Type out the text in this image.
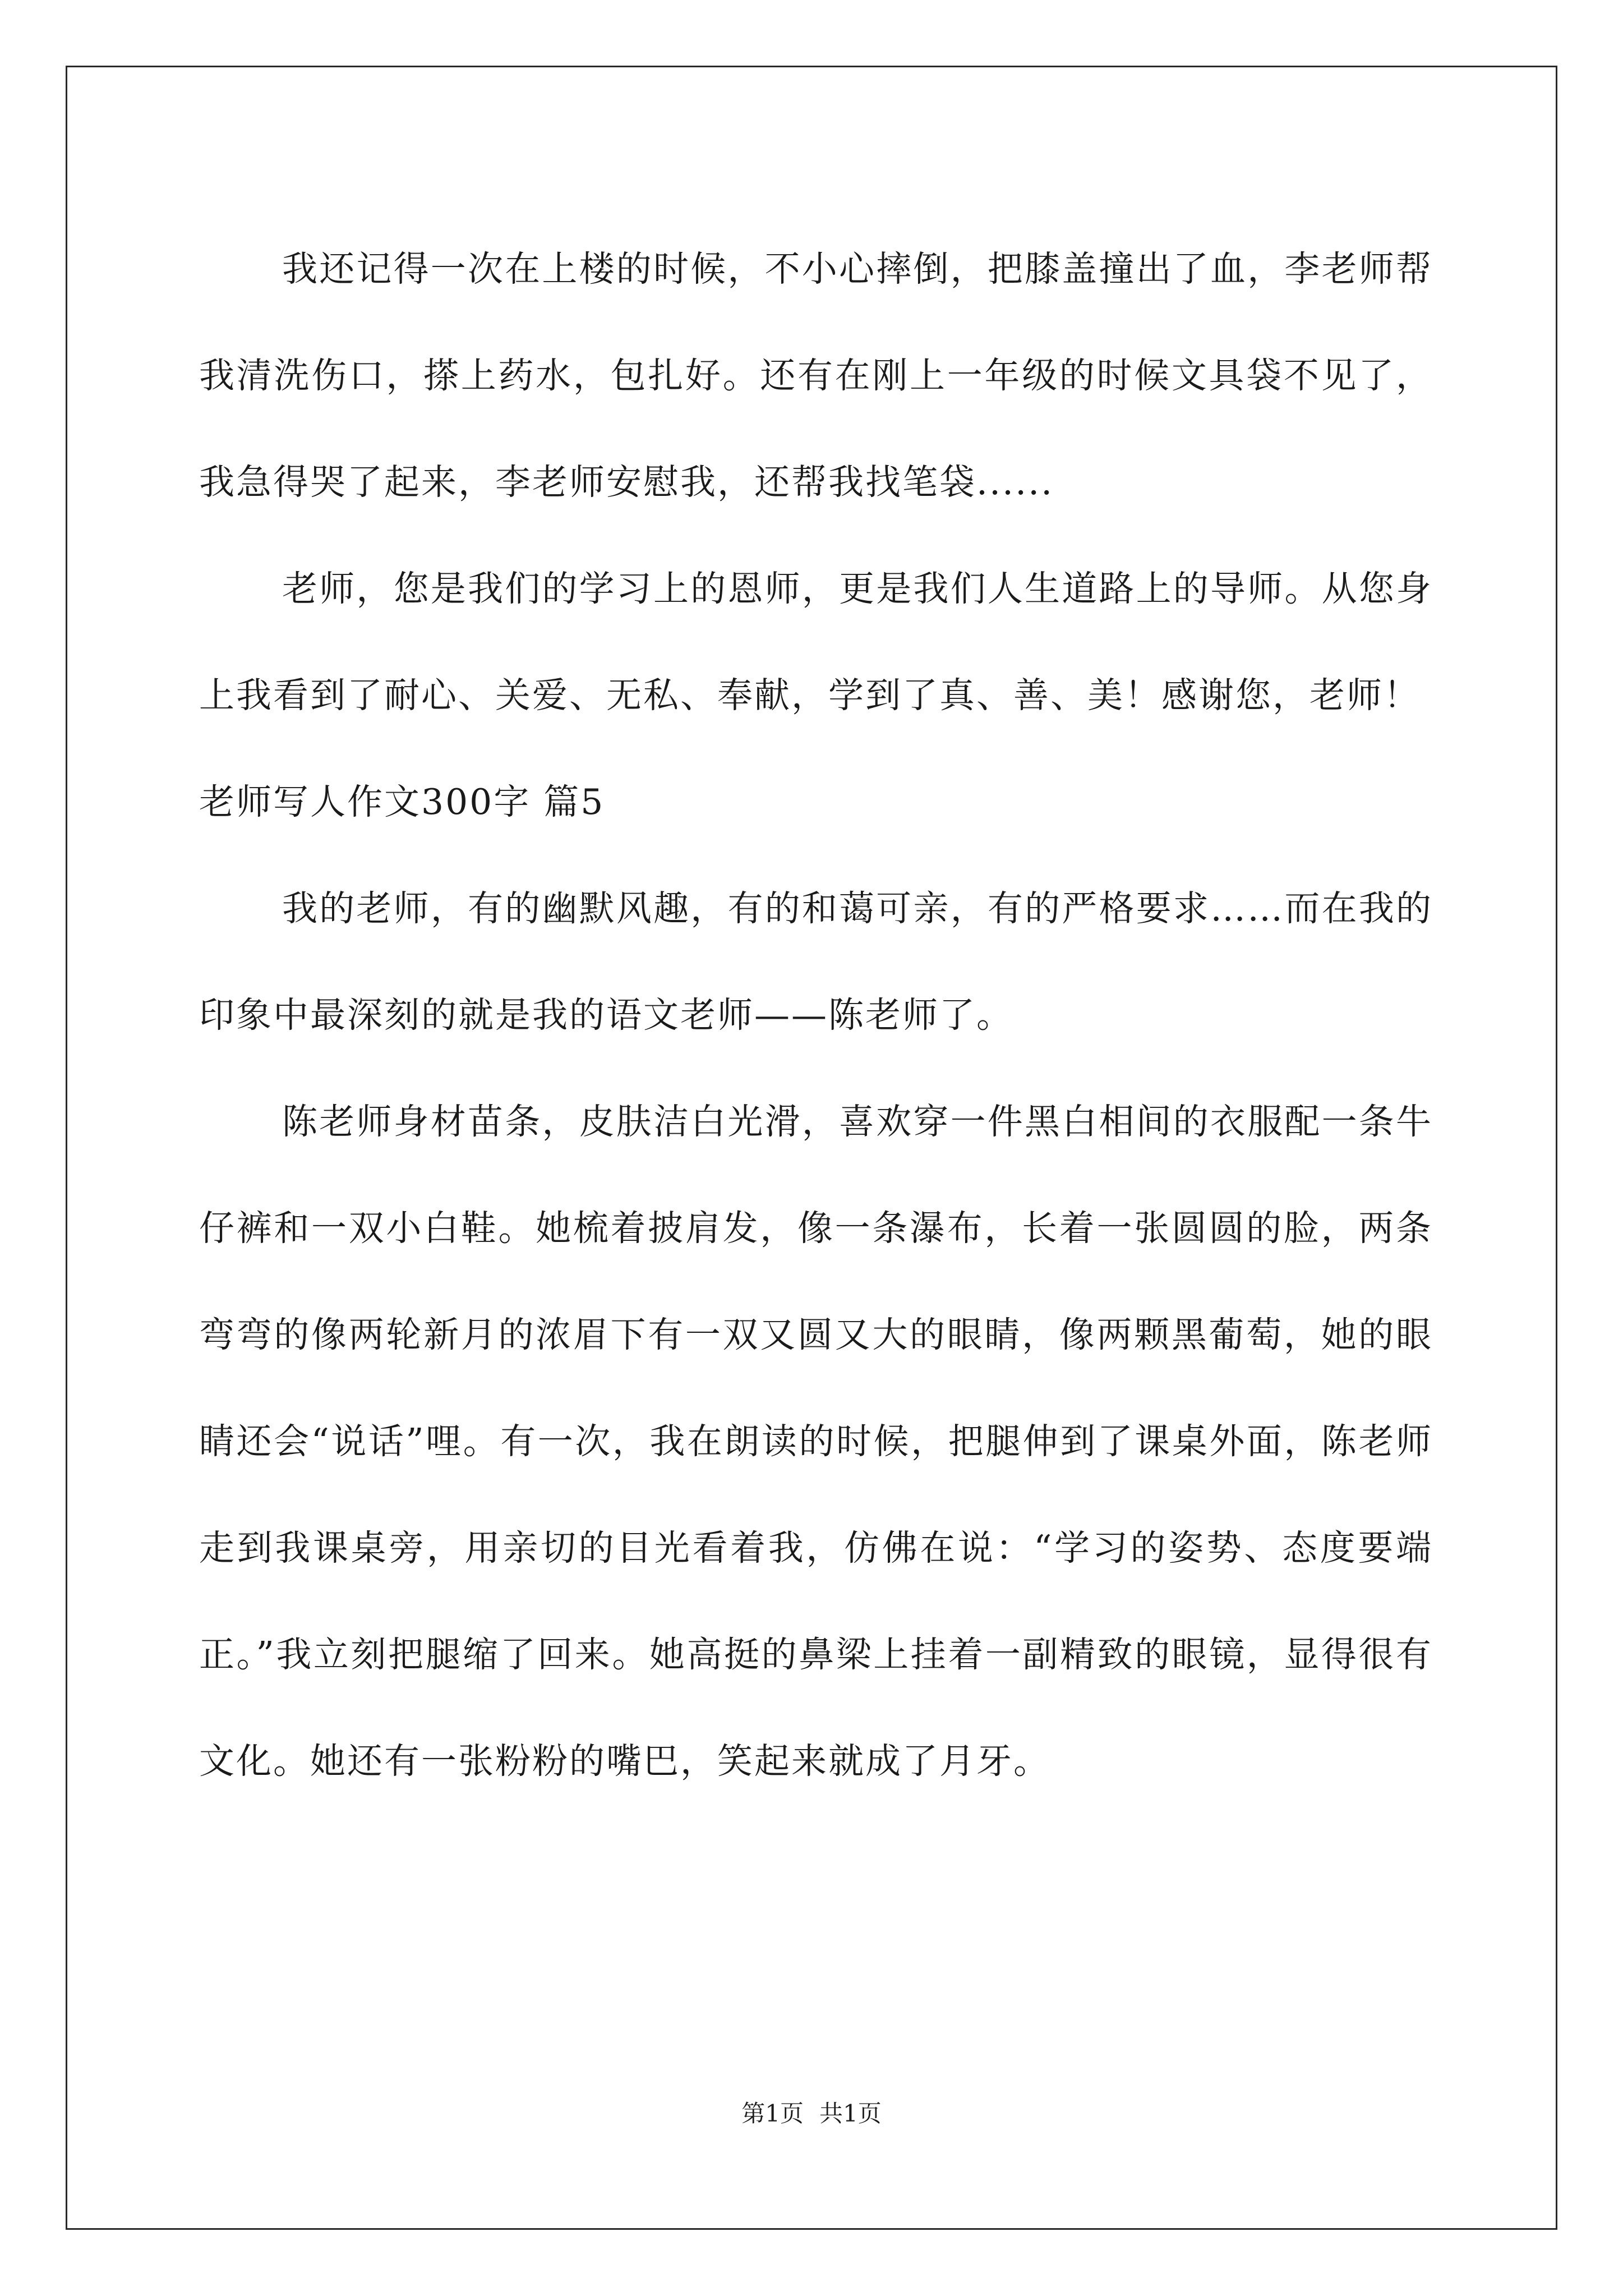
我还记得一次在上楼的时候，不小心摔倒，把膝盖撞出了血，李老师帮我清洗伤口，搽上药水，包扎好。还有在刚上一年级的时候文具袋不见了，我急得哭了起来，李老师安慰我，还帮我找笔袋......

老师，您是我们的学习上的恩师，更是我们人生道路上的导师。从您身上我看到了耐心、关爱、无私、奉献，学到了真、善、美！感谢您，老师！

老师写人作文300字 篇5

我的老师，有的幽默风趣，有的和蔼可亲，有的严格要求……而在我的印象中最深刻的就是我的语文老师——陈老师了。

陈老师身材苗条，皮肤洁白光滑，喜欢穿一件黑白相间的衣服配一条牛仔裤和一双小白鞋。她梳着披肩发，像一条瀑布，长着一张圆圆的脸，两条弯弯的像两轮新月的浓眉下有一双又圆又大的眼睛，像两颗黑葡萄，她的眼睛还会“说话”哩。有一次，我在朗读的时候，把腿伸到了课桌外面，陈老师走到我课桌旁，用亲切的目光看着我，仿佛在说：“学习的姿势、态度要端正。”我立刻把腿缩了回来。她高挺的鼻梁上挂着一副精致的眼镜，显得很有文化。她还有一张粉粉的嘴巴，笑起来就成了月牙。

第1页 共1页
